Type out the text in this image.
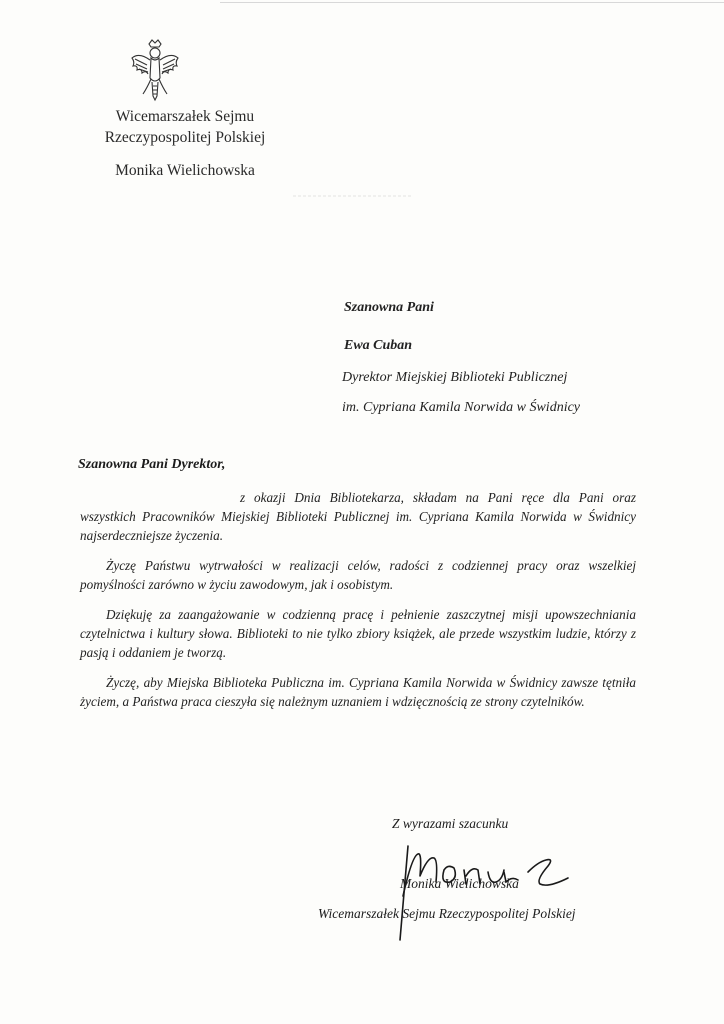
Wicemarszałek Sejmu
Rzeczypospolitej Polskiej
Monika Wielichowska
Szanowna Pani
Ewa Cuban
Dyrektor Miejskiej Biblioteki Publicznej
im. Cypriana Kamila Norwida w Świdnicy
Szanowna Pani Dyrektor,

z okazji Dnia Bibliotekarza, składam na Pani ręce dla Pani oraz wszystkich Pracowników Miejskiej Biblioteki Publicznej im. Cypriana Kamila Norwida w Świdnicy najserdeczniejsze życzenia.

Życzę Państwu wytrwałości w realizacji celów, radości z codziennej pracy oraz wszelkiej pomyślności zarówno w życiu zawodowym, jak i osobistym.

Dziękuję za zaangażowanie w codzienną pracę i pełnienie zaszczytnej misji upowszechniania czytelnictwa i kultury słowa. Biblioteki to nie tylko zbiory książek, ale przede wszystkim ludzie, którzy z pasją i oddaniem je tworzą.

Życzę, aby Miejska Biblioteka Publiczna im. Cypriana Kamila Norwida w Świdnicy zawsze tętniła życiem, a Państwa praca cieszyła się należnym uznaniem i wdzięcznością ze strony czytelników.

Z wyrazami szacunku
Monika Wielichowska
Wicemarszałek Sejmu Rzeczypospolitej Polskiej
